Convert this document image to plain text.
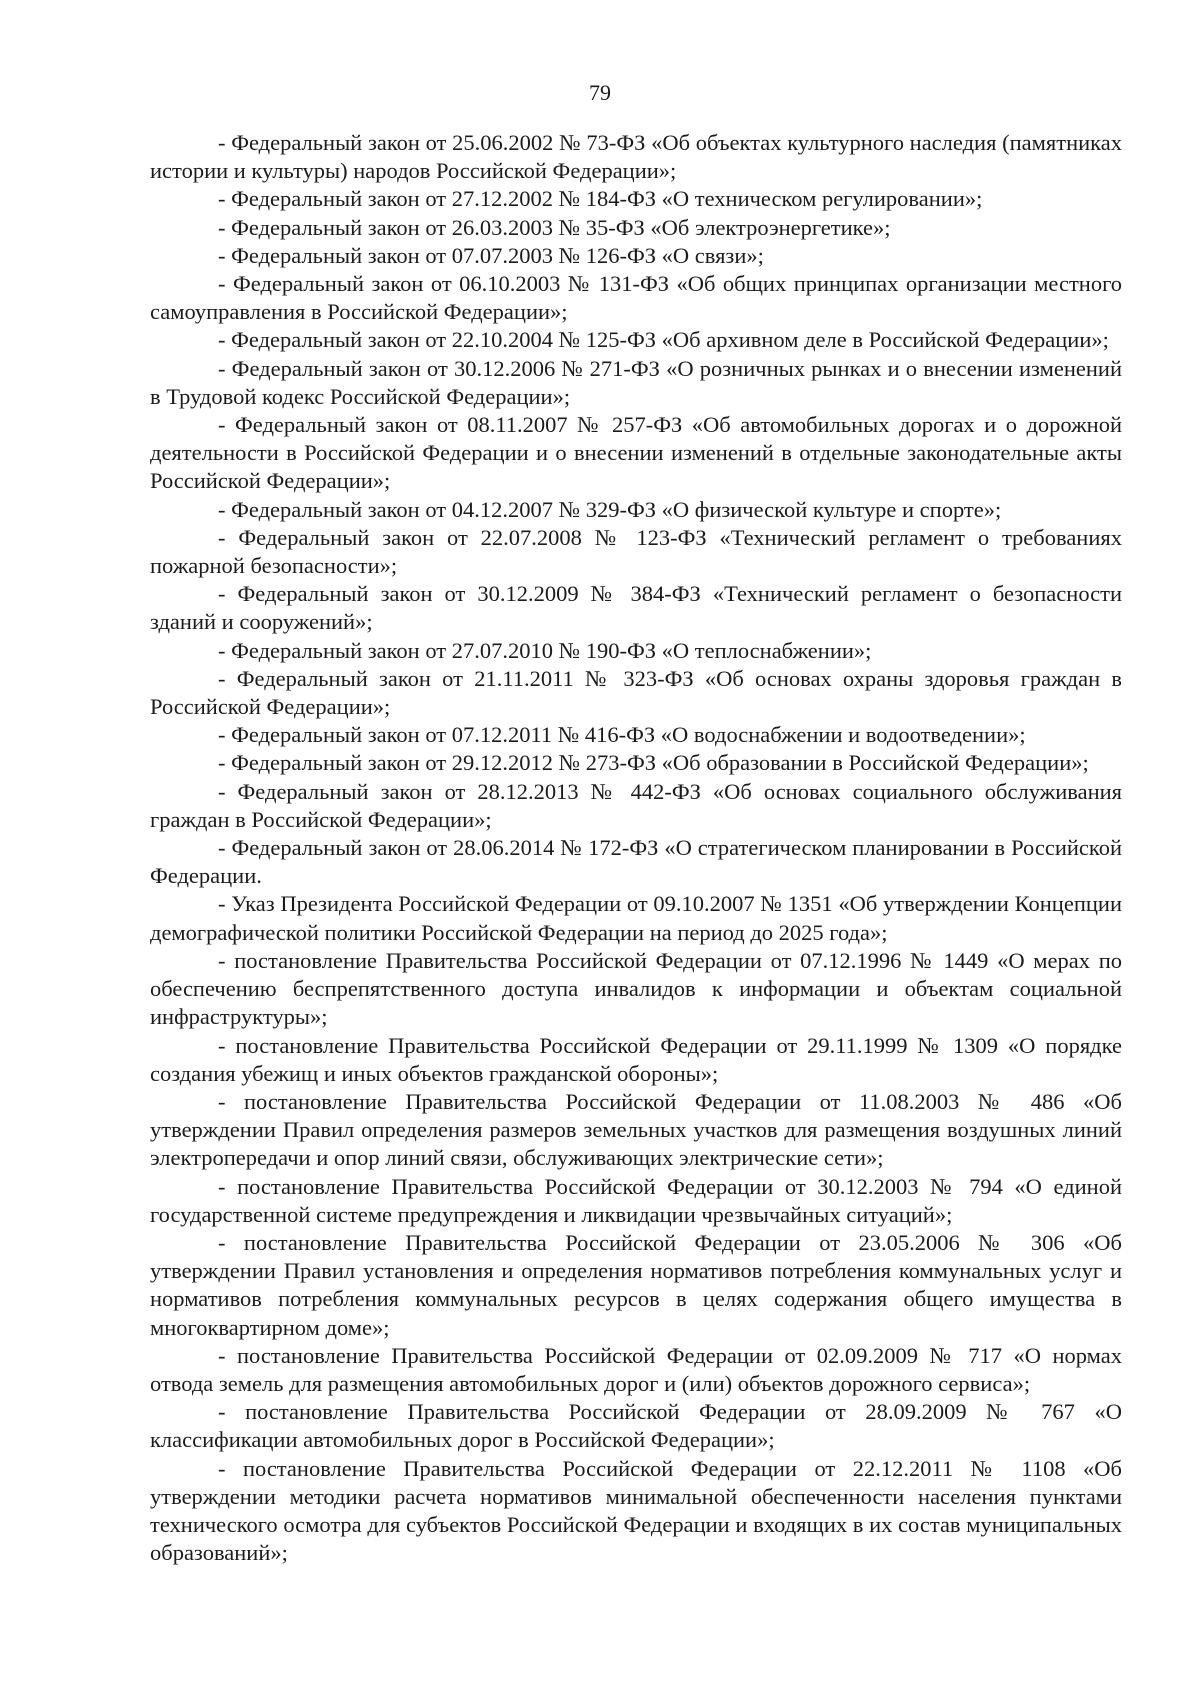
79
- Федеральный закон от 25.06.2002 № 73-ФЗ «Об объектах культурного наследия (памятниках истории и культуры) народов Российской Федерации»;
- Федеральный закон от 27.12.2002 № 184-ФЗ «О техническом регулировании»;
- Федеральный закон от 26.03.2003 № 35-ФЗ «Об электроэнергетике»;
- Федеральный закон от 07.07.2003 № 126-ФЗ «О связи»;
- Федеральный закон от 06.10.2003 № 131-ФЗ «Об общих принципах организации местного самоуправления в Российской Федерации»;
- Федеральный закон от 22.10.2004 № 125-ФЗ «Об архивном деле в Российской Федерации»;
- Федеральный закон от 30.12.2006 № 271-ФЗ «О розничных рынках и о внесении изменений в Трудовой кодекс Российской Федерации»;
- Федеральный закон от 08.11.2007 № 257-ФЗ «Об автомобильных дорогах и о дорожной деятельности в Российской Федерации и о внесении изменений в отдельные законодательные акты Российской Федерации»;
- Федеральный закон от 04.12.2007 № 329-ФЗ «О физической культуре и спорте»;
- Федеральный закон от 22.07.2008 № 123-ФЗ «Технический регламент о требованиях пожарной безопасности»;
- Федеральный закон от 30.12.2009 № 384-ФЗ «Технический регламент о безопасности зданий и сооружений»;
- Федеральный закон от 27.07.2010 № 190-ФЗ «О теплоснабжении»;
- Федеральный закон от 21.11.2011 № 323-ФЗ «Об основах охраны здоровья граждан в Российской Федерации»;
- Федеральный закон от 07.12.2011 № 416-ФЗ «О водоснабжении и водоотведении»;
- Федеральный закон от 29.12.2012 № 273-ФЗ «Об образовании в Российской Федерации»;
- Федеральный закон от 28.12.2013 № 442-ФЗ «Об основах социального обслуживания граждан в Российской Федерации»;
- Федеральный закон от 28.06.2014 № 172-ФЗ «О стратегическом планировании в Российской Федерации.
- Указ Президента Российской Федерации от 09.10.2007 № 1351 «Об утверждении Концепции демографической политики Российской Федерации на период до 2025 года»;
- постановление Правительства Российской Федерации от 07.12.1996 № 1449 «О мерах по обеспечению беспрепятственного доступа инвалидов к информации и объектам социальной инфраструктуры»;
- постановление Правительства Российской Федерации от 29.11.1999 № 1309 «О порядке создания убежищ и иных объектов гражданской обороны»;
- постановление Правительства Российской Федерации от 11.08.2003 № 486 «Об утверждении Правил определения размеров земельных участков для размещения воздушных линий электропередачи и опор линий связи, обслуживающих электрические сети»;
- постановление Правительства Российской Федерации от 30.12.2003 № 794 «О единой государственной системе предупреждения и ликвидации чрезвычайных ситуаций»;
- постановление Правительства Российской Федерации от 23.05.2006 № 306 «Об утверждении Правил установления и определения нормативов потребления коммунальных услуг и нормативов потребления коммунальных ресурсов в целях содержания общего имущества в многоквартирном доме»;
- постановление Правительства Российской Федерации от 02.09.2009 № 717 «О нормах отвода земель для размещения автомобильных дорог и (или) объектов дорожного сервиса»;
- постановление Правительства Российской Федерации от 28.09.2009 № 767 «О классификации автомобильных дорог в Российской Федерации»;
- постановление Правительства Российской Федерации от 22.12.2011 № 1108 «Об утверждении методики расчета нормативов минимальной обеспеченности населения пунктами технического осмотра для субъектов Российской Федерации и входящих в их состав муниципальных образований»;
